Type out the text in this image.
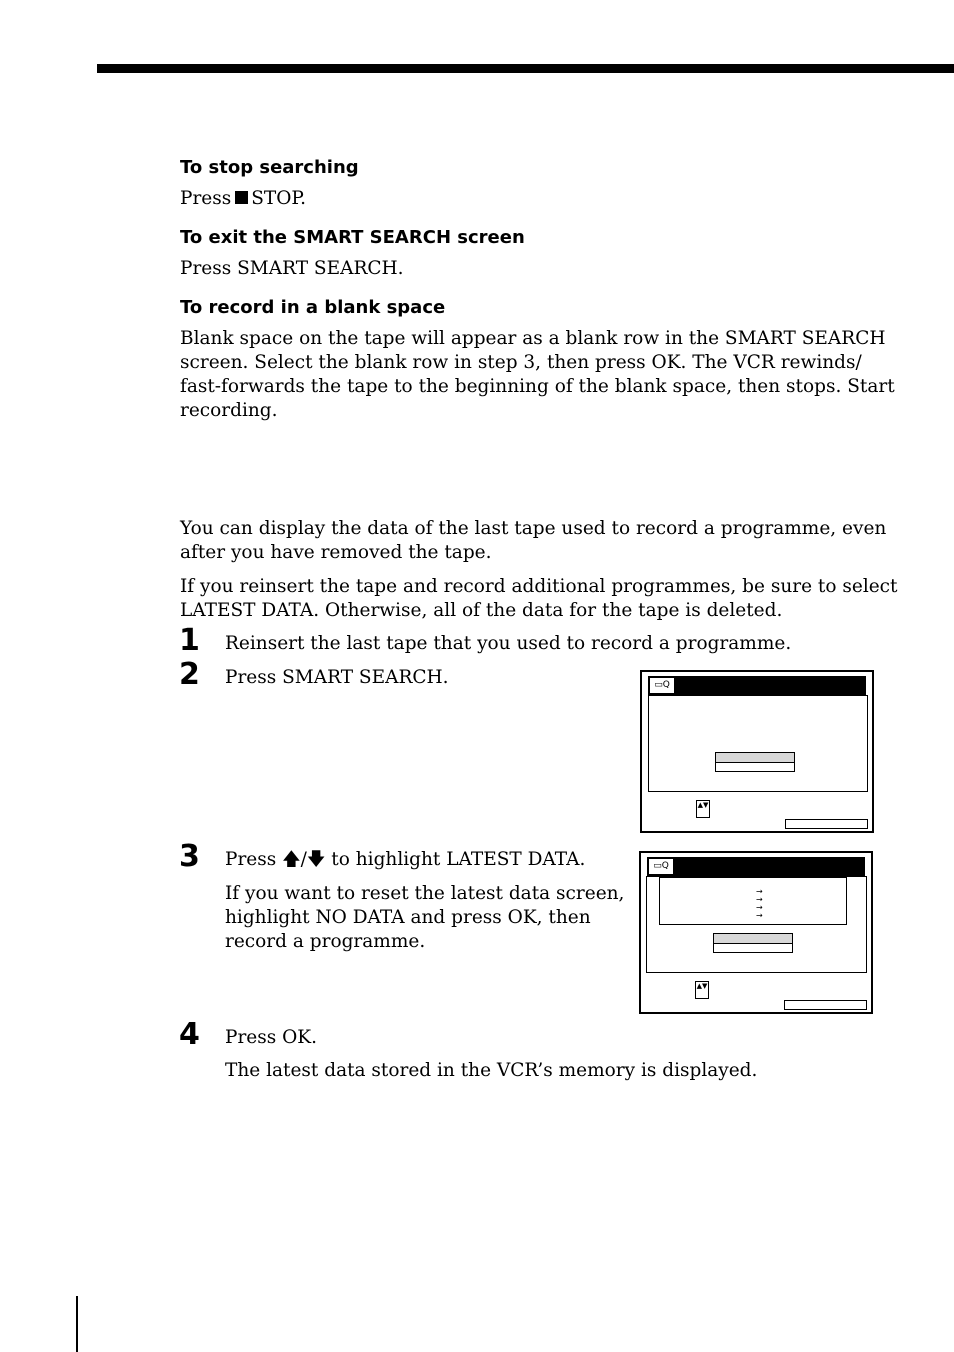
To stop searching
Press STOP.
To exit the SMART SEARCH screen
Press SMART SEARCH.
To record in a blank space
Blank space on the tape will appear as a blank row in the SMART SEARCH
screen. Select the blank row in step 3, then press OK. The VCR rewinds/
fast-forwards the tape to the beginning of the blank space, then stops. Start
recording.
You can display the data of the last tape used to record a programme, even
after you have removed the tape.
If you reinsert the tape and record additional programmes, be sure to select
LATEST DATA. Otherwise, all of the data for the tape is deleted.
1 Reinsert the last tape that you used to record a programme.
2 Press SMART SEARCH.	▭Q
▲▼
3 Press 🡅/🡇 to highlight LATEST DATA.
If you want to reset the latest data screen,
highlight NO DATA and press OK, then
record a programme.
▭Q
→
→
→
→
▲▼
4 Press OK.
The latest data stored in the VCR’s memory is displayed.
